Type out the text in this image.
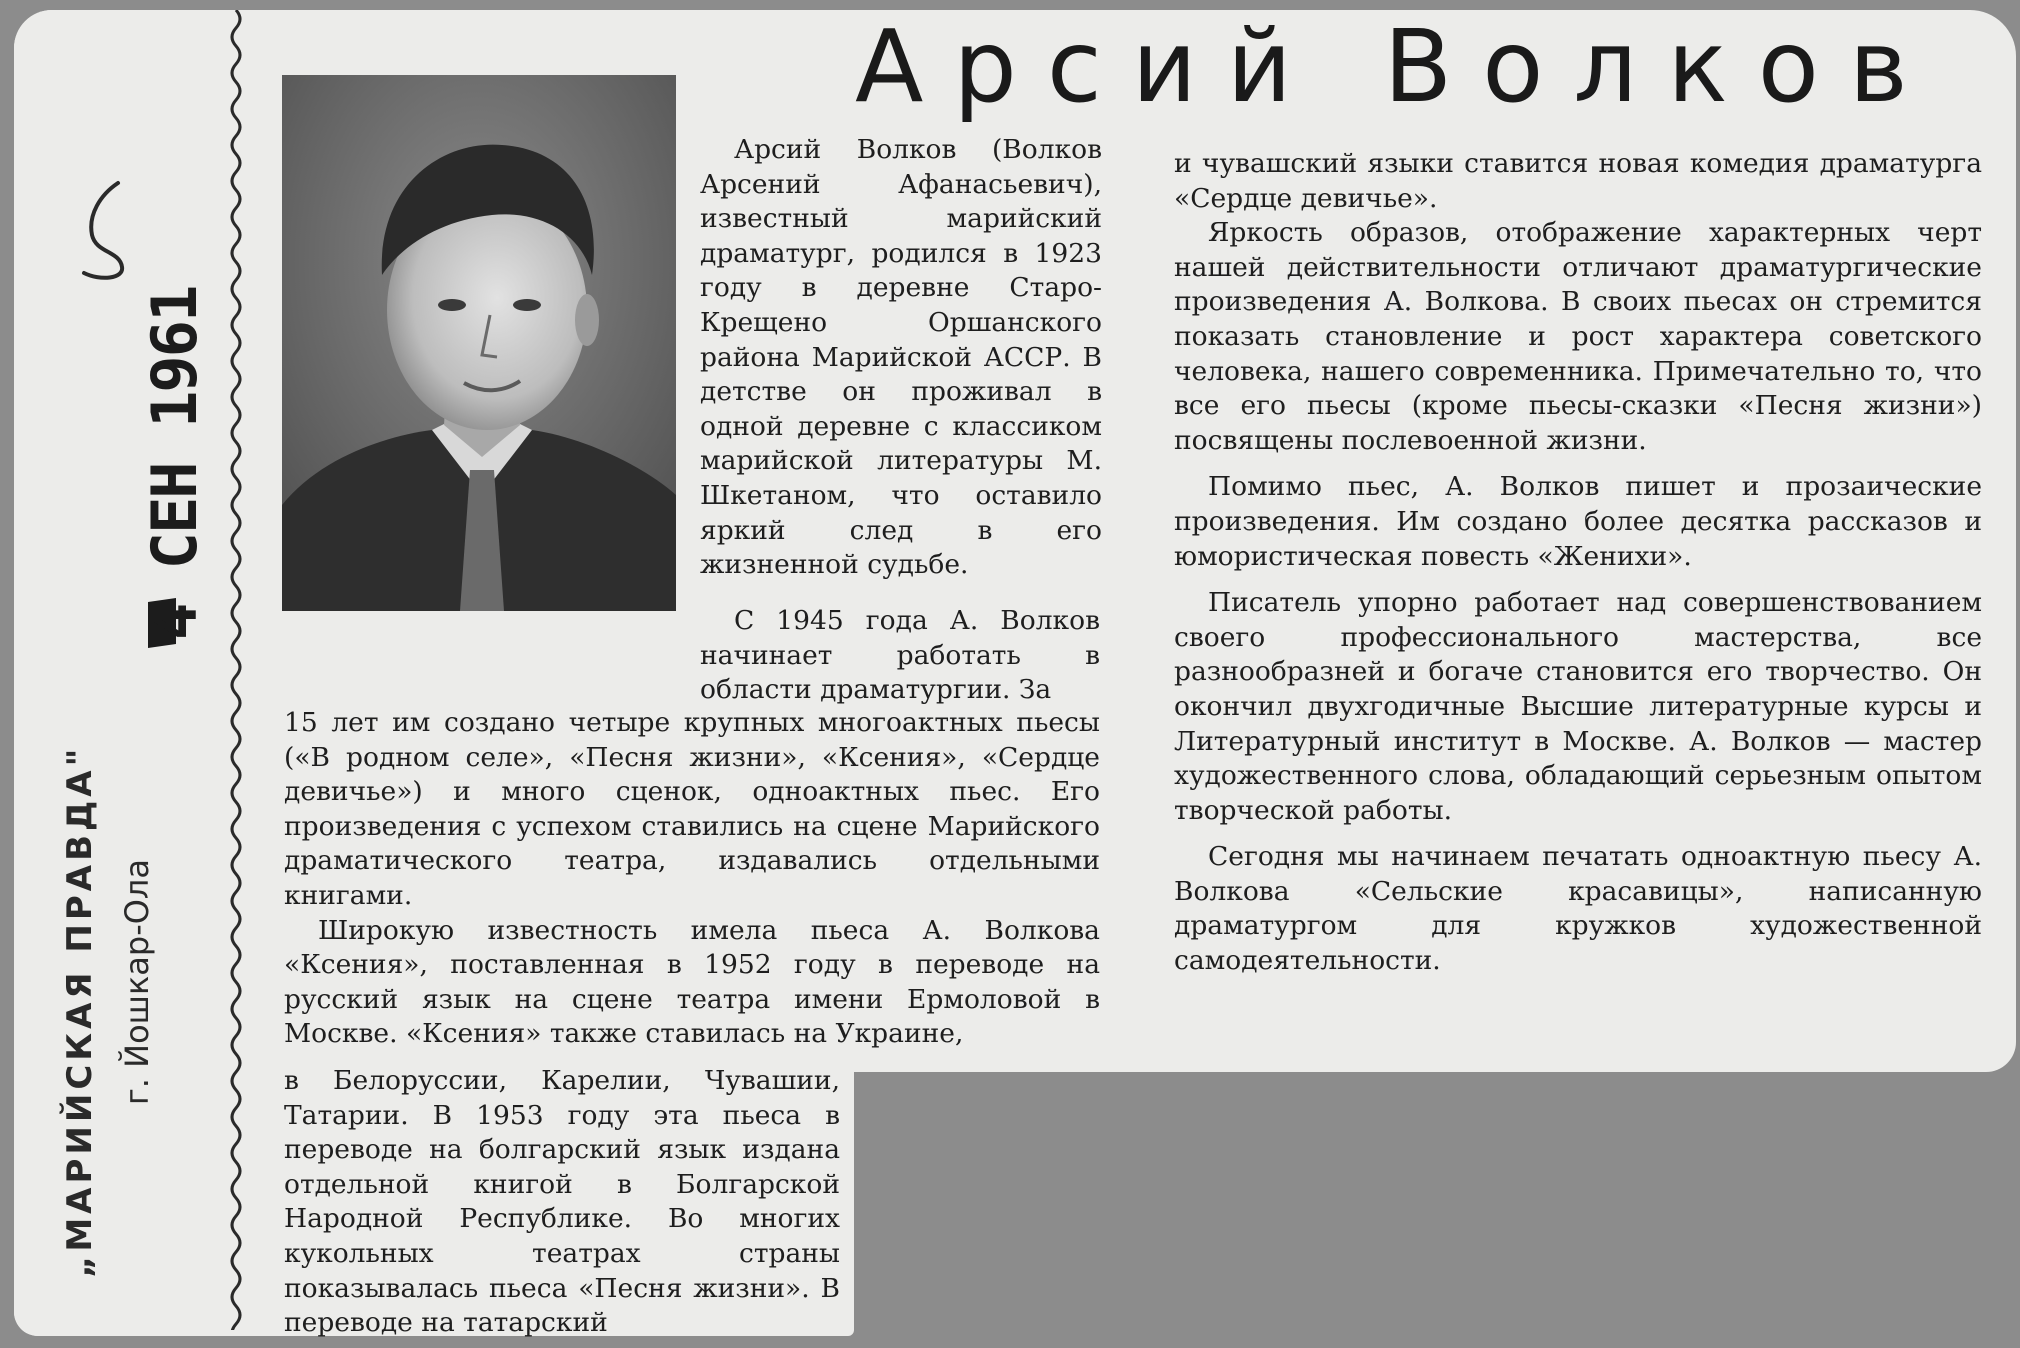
4 СЕН 1961
„МАРИЙСКАЯ ПРАВДА" г. Йошкар-Ола
Арсий Волков

Арсий Волков (Волков Арсений Афанасьевич), известный марийский драматург, родился в 1923 году в деревне Старо-Крещено Оршанского района Марийской АССР. В детстве он проживал в одной деревне с классиком марийской литературы М. Шкетаном, что оставило яркий след в его жизненной судьбе.

С 1945 года А. Волков начинает работать в области драматургии. За

15 лет им создано четыре крупных многоактных пьесы («В родном селе», «Песня жизни», «Ксения», «Сердце девичье») и много сценок, одноактных пьес. Его произведения с успехом ставились на сцене Марийского драматического театра, издавались отдельными книгами.

Широкую известность имела пьеса А. Волкова «Ксения», поставленная в 1952 году в переводе на русский язык на сцене театра имени Ермоловой в Москве. «Ксения» также ставилась на Украине,

в Белоруссии, Карелии, Чувашии, Татарии. В 1953 году эта пьеса в переводе на болгарский язык издана отдельной книгой в Болгарской Народной Республике. Во многих кукольных театрах страны показывалась пьеса «Песня жизни». В переводе на татарский

и чувашский языки ставится новая комедия драматурга «Сердце девичье».

Яркость образов, отображение характерных черт нашей действительности отличают драматургические произведения А. Волкова. В своих пьесах он стремится показать становление и рост характера советского человека, нашего современника. Примечательно то, что все его пьесы (кроме пьесы-сказки «Песня жизни») посвящены послевоенной жизни.

Помимо пьес, А. Волков пишет и прозаические произведения. Им создано более десятка рассказов и юмористическая повесть «Женихи».

Писатель упорно работает над совершенствованием своего профессионального мастерства, все разнообразней и богаче становится его творчество. Он окончил двухгодичные Высшие литературные курсы и Литературный институт в Москве. А. Волков — мастер художественного слова, обладающий серьезным опытом творческой работы.

Сегодня мы начинаем печатать одноактную пьесу А. Волкова «Сельские красавицы», написанную драматургом для кружков художественной самодеятельности.
